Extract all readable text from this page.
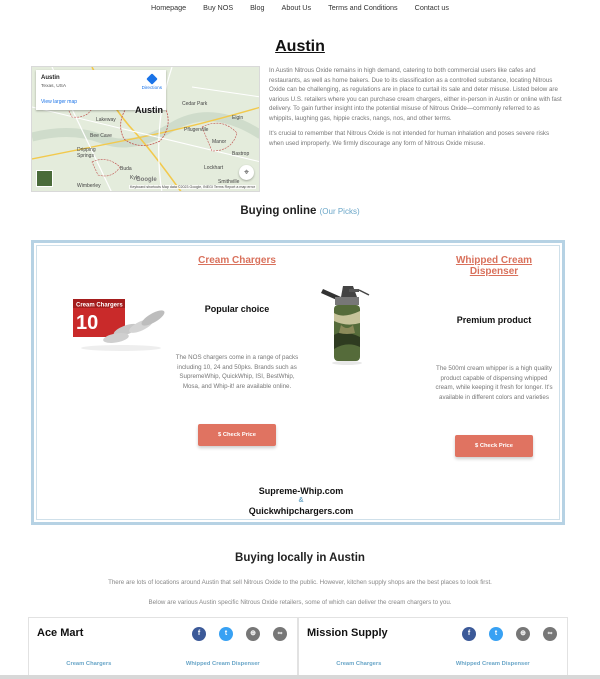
Homepage Buy NOS Blog About Us Terms and Conditions Contact us
Austin
Cedar Park
Pflugerville
Manor
Lakeway
Bee Cave
Dripping Springs
Buda
Kyle
Lockhart
Bastrop
Elgin
Wimberley
Smithville
Austin
Texas, USA
View larger map
Directions
Austin
Google
Keyboard shortcuts Map data ©2023 Google, INEGI Terms Report a map error
⌖

In Austin Nitrous Oxide remains in high demand, catering to both commercial users like cafes and restaurants, as well as home bakers. Due to its classification as a controlled substance, locating Nitrous Oxide can be challenging, as regulations are in place to curtail its sale and deter misuse. Listed below are various U.S. retailers where you can purchase cream chargers, either in-person in Austin or online with fast delivery. To gain further insight into the potential misuse of Nitrous Oxide—commonly referred to as whippits, laughing gas, hippie cracks, nangs, nos, and other terms.

It's crucial to remember that Nitrous Oxide is not intended for human inhalation and poses severe risks when used improperly. We firmly discourage any form of Nitrous Oxide misuse.

Buying online (Our Picks)
Cream Chargers
Cream Chargers
10
Popular choice

The NOS chargers come in a range of packs including 10, 24 and 50pks. Brands such as SupremeWhip, QuickWhip, ISI, BestWhip, Mosa, and Whip-it! are available online.

$ Check Price
Whipped Cream Dispenser
Premium product

The 500ml cream whipper is a high quality product capable of dispensing whipped cream, while keeping it fresh for longer. It's available in different colors and varieties

$ Check Price
Supreme-Whip.com
&
Quickwhipchargers.com
Buying locally in Austin

There are lots of locations around Austin that sell Nitrous Oxide to the public. However, kitchen supply shops are the best places to look first.

Below are various Austin specific Nitrous Oxide retailers, some of which can deliver the cream chargers to you.

Ace Mart	f	t	⊕	∞
Cream Chargers	Whipped Cream Dispenser
Mission Supply	f	t	⊕	∞
Cream Chargers	Whipped Cream Dispenser
